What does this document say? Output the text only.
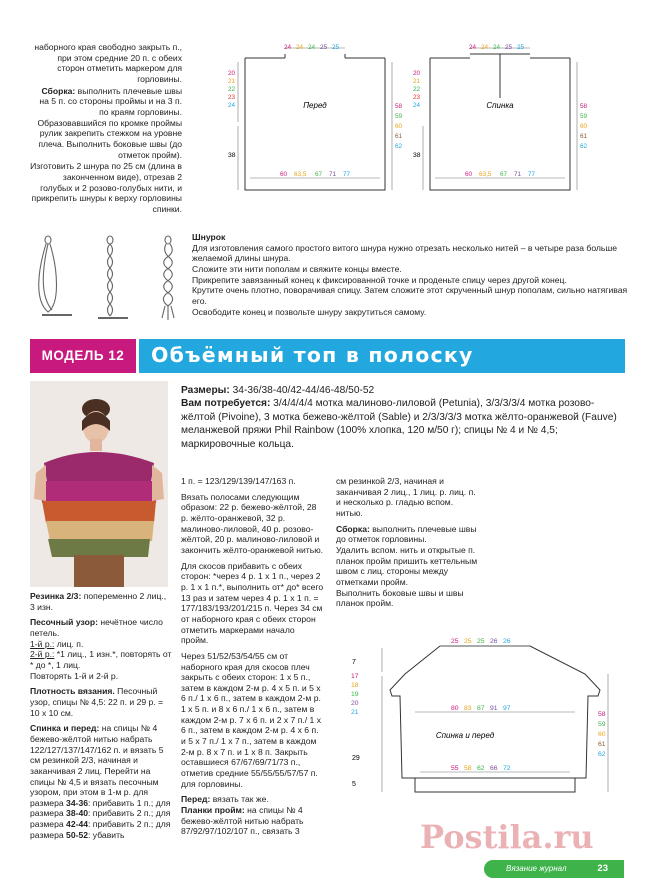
наборного края свободно закрыть п., при этом средние 20 п. с обеих сторон отметить маркером для горловины.

Сборка: выполнить плечевые швы на 5 п. со стороны проймы и на 3 п. по краям горловины. Образовавшийся по кромке проймы рулик закрепить стежком на уровне плеча. Выполнить боковые швы (до отметок пройм).

Изготовить 2 шнура по 25 см (длина в законченном виде), отрезав 2 голубых и 2 розово-голубых нити, и прикрепить шнуры к верху горловины спинки.

Перед	Спинка
24 24 24 25 25	24 24 24 25 25
20
21
22
23
24
20
21
22
23
24
58
59
60
61
62
58
59
60
61
62
60 63,5 67 71 77	60 63,5 67 71 77
38	38
Шнурок

Для изготовления самого простого витого шнура нужно отрезать несколько нитей – в четыре раза больше желаемой длины шнура.

Сложите эти нити пополам и свяжите концы вместе.

Прикрепите завязанный конец к фиксированной точке и проденьте спицу через другой конец.

Крутите очень плотно, поворачивая спицу. Затем сложите этот скрученный шнур пополам, сильно натягивая его.

Освободите конец и позвольте шнуру закрутиться самому.

МОДЕЛЬ 12	Объёмный топ в полоску

Размеры: 34-36/38-40/42-44/46-48/50-52

Вам потребуется: 3/4/4/4/4 мотка малиново-лиловой (Petunia), 3/3/3/3/4 мотка розово-жёлтой (Pivoine), 3 мотка бежево-жёлтой (Sable) и 2/3/3/3/3 мотка жёлто-оранжевой (Fauve) меланжевой пряжи Phil Rainbow (100% хлопка, 120 м/50 г); спицы № 4 и № 4,5; маркировочные кольца.

Резинка 2/3: попеременно 2 лиц., 3 изн.

Песочный узор: нечётное число петель.

1-й р.: лиц. п.

2-й р.: *1 лиц., 1 изн.*, повторять от * до *, 1 лиц.

Повторять 1-й и 2-й р.

Плотность вязания. Песочный узор, спицы № 4,5: 22 п. и 29 р. = 10 х 10 см.

Спинка и перед: на спицы № 4 бежево-жёлтой нитью набрать 122/127/137/147/162 п. и вязать 5 см резинкой 2/3, начиная и заканчивая 2 лиц. Перейти на спицы № 4,5 и вязать песочным узором, при этом в 1-м р. для размера 34-36: прибавить 1 п.; для размера 38-40: прибавить 2 п.; для размера 42-44: прибавить 2 п.; для размера 50-52: убавить

1 п. = 123/129/139/147/163 п.

Вязать полосами следующим образом: 22 р. бежево-жёлтой, 28 р. жёлто-оранжевой, 32 р. малиново-лиловой, 40 р. розово-жёлтой, 20 р. малиново-лиловой и закончить жёлто-оранжевой нитью.

Для скосов прибавить с обеих сторон: *через 4 р. 1 х 1 п., через 2 р. 1 х 1 п.*, выполнить от* до* всего 13 раз и затем через 4 р. 1 х 1 п. = 177/183/193/201/215 п. Через 34 см от наборного края с обеих сторон отметить маркерами начало пройм.

Через 51/52/53/54/55 см от наборного края для скосов плеч закрыть с обеих сторон: 1 х 5 п., затем в каждом 2-м р. 4 х 5 п. и 5 х 6 п./ 1 х 6 п., затем в каждом 2-м р. 1 х 5 п. и 8 х 6 п./ 1 х 6 п., затем в каждом 2-м р. 7 х 6 п. и 2 х 7 п./ 1 х 6 п., затем в каждом 2-м р. 4 х 6 п. и 5 х 7 п./ 1 х 7 п., затем в каждом 2-м р. 8 х 7 п. и 1 х 8 п. Закрыть оставшиеся 67/67/69/71/73 п., отметив средние 55/55/55/57/57 п. для горловины.

Перед: вязать так же.

Планки пройм: на спицы № 4 бежево-жёлтой нитью набрать 87/92/97/102/107 п., связать 3

см резинкой 2/3, начиная и заканчивая 2 лиц., 1 лиц. р. лиц. п. и несколько р. гладью вспом. нитью.

Сборка: выполнить плечевые швы до отметок горловины.

Удалить вспом. нить и открытые п. планок пройм пришить кеттельным швом с лиц. стороны между отметками пройм.

Выполнить боковые швы и швы планок пройм.

Спинка и перед
25 25 25 26 26
80 83 87 91 97
55 58 62 66 72
17
18
19
20
21	58
59
60
61
62
7
29
5
Вязание журнал	23
Postila.ru
